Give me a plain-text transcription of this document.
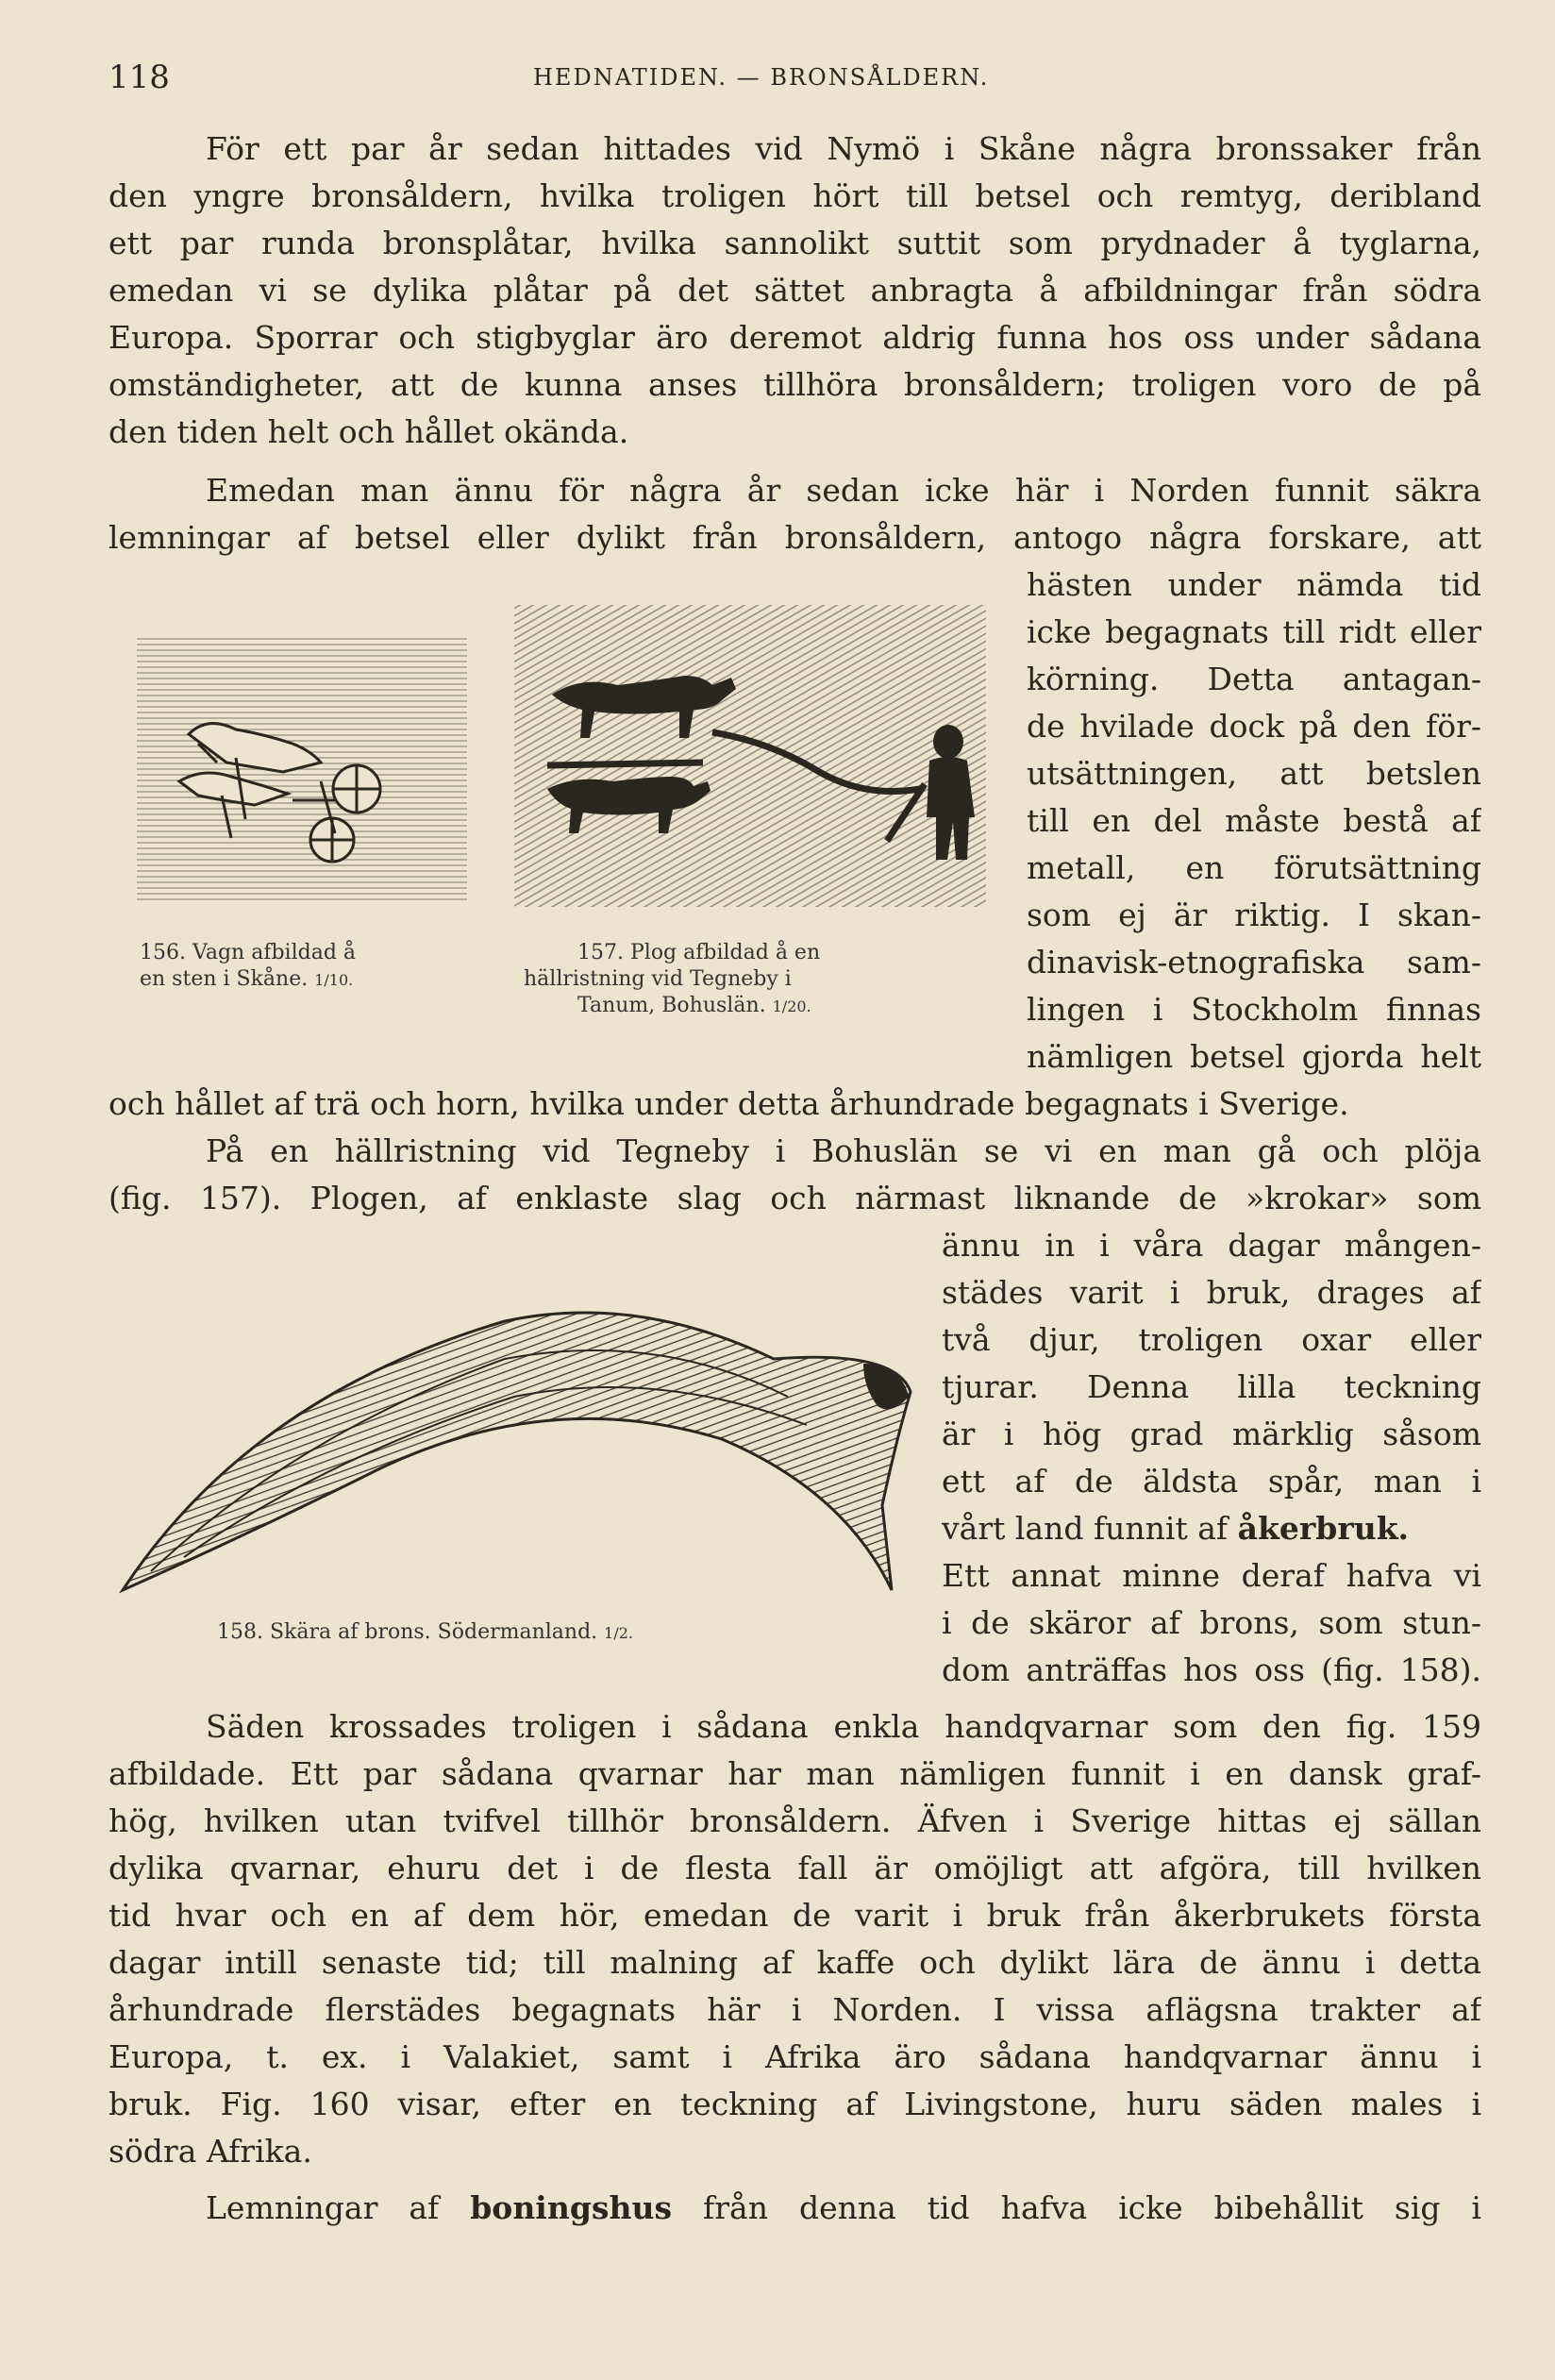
118	HEDNATIDEN. — BRONSÅLDERN.
För ett par år sedan hittades vid Nymö i Skåne några bronssaker från
den yngre bronsåldern, hvilka troligen hört till betsel och remtyg, deribland
ett par runda bronsplåtar, hvilka sannolikt suttit som prydnader å tyglarna,
emedan vi se dylika plåtar på det sättet anbragta å afbildningar från södra
Europa. Sporrar och stigbyglar äro deremot aldrig funna hos oss under sådana
omständigheter, att de kunna anses tillhöra bronsåldern; troligen voro de på
den tiden helt och hållet okända.
Emedan man ännu för några år sedan icke här i Norden funnit säkra
lemningar af betsel eller dylikt från bronsåldern, antogo några forskare, att
hästen under nämda tid
icke begagnats till ridt eller
körning. Detta antagan-
de hvilade dock på den för-
utsättningen, att betslen
till en del måste bestå af
metall, en förutsättning
som ej är riktig. I skan-
dinavisk-etnografiska sam-
lingen i Stockholm finnas
nämligen betsel gjorda helt
och hållet af trä och horn, hvilka under detta århundrade begagnats i Sverige.
156. Vagn afbildad å
en sten i Skåne. 1/10.
157. Plog afbildad å en
hällristning vid Tegneby i
Tanum, Bohuslän. 1/20.
På en hällristning vid Tegneby i Bohuslän se vi en man gå och plöja
(fig. 157). Plogen, af enklaste slag och närmast liknande de »krokar» som
ännu in i våra dagar mången-
städes varit i bruk, drages af
två djur, troligen oxar eller
tjurar. Denna lilla teckning
är i hög grad märklig såsom
ett af de äldsta spår, man i
vårt land funnit af åkerbruk.
Ett annat minne deraf hafva vi
i de skäror af brons, som stun-
dom anträffas hos oss (fig. 158).
158. Skära af brons. Södermanland. 1/2.
Säden krossades troligen i sådana enkla handqvarnar som den fig. 159
afbildade. Ett par sådana qvarnar har man nämligen funnit i en dansk graf-
hög, hvilken utan tvifvel tillhör bronsåldern. Äfven i Sverige hittas ej sällan
dylika qvarnar, ehuru det i de flesta fall är omöjligt att afgöra, till hvilken
tid hvar och en af dem hör, emedan de varit i bruk från åkerbrukets första
dagar intill senaste tid; till malning af kaffe och dylikt lära de ännu i detta
århundrade flerstädes begagnats här i Norden. I vissa aflägsna trakter af
Europa, t. ex. i Valakiet, samt i Afrika äro sådana handqvarnar ännu i
bruk. Fig. 160 visar, efter en teckning af Livingstone, huru säden males i
södra Afrika.
Lemningar af boningshus från denna tid hafva icke bibehållit sig i
